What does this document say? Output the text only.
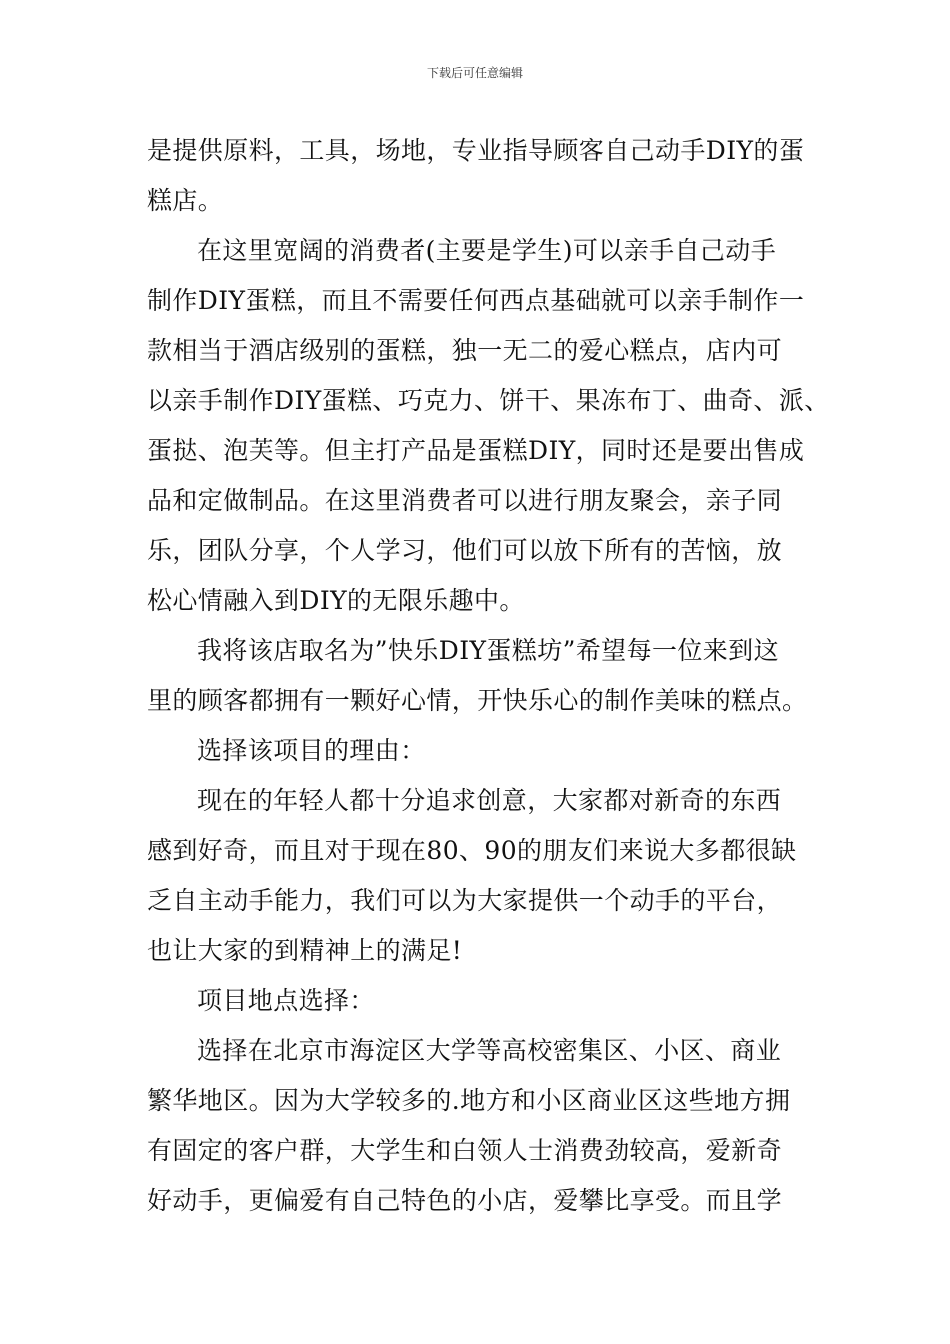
下载后可任意编辑
是提供原料，工具，场地，专业指导顾客自己动手DIY的蛋
糕店。
在这里宽阔的消费者(主要是学生)可以亲手自己动手
制作DIY蛋糕，而且不需要任何西点基础就可以亲手制作一
款相当于酒店级别的蛋糕，独一无二的爱心糕点，店内可
以亲手制作DIY蛋糕、巧克力、饼干、果冻布丁、曲奇、派、
蛋挞、泡芙等。但主打产品是蛋糕DIY，同时还是要出售成
品和定做制品。在这里消费者可以进行朋友聚会，亲子同
乐，团队分享，个人学习，他们可以放下所有的苦恼，放
松心情融入到DIY的无限乐趣中。
我将该店取名为”快乐DIY蛋糕坊”希望每一位来到这
里的顾客都拥有一颗好心情，开快乐心的制作美味的糕点。
选择该项目的理由：
现在的年轻人都十分追求创意，大家都对新奇的东西
感到好奇，而且对于现在80、90的朋友们来说大多都很缺
乏自主动手能力，我们可以为大家提供一个动手的平台，
也让大家的到精神上的满足!
项目地点选择：
选择在北京市海淀区大学等高校密集区、小区、商业
繁华地区。因为大学较多的.地方和小区商业区这些地方拥
有固定的客户群，大学生和白领人士消费劲较高，爱新奇
好动手，更偏爱有自己特色的小店，爱攀比享受。而且学
